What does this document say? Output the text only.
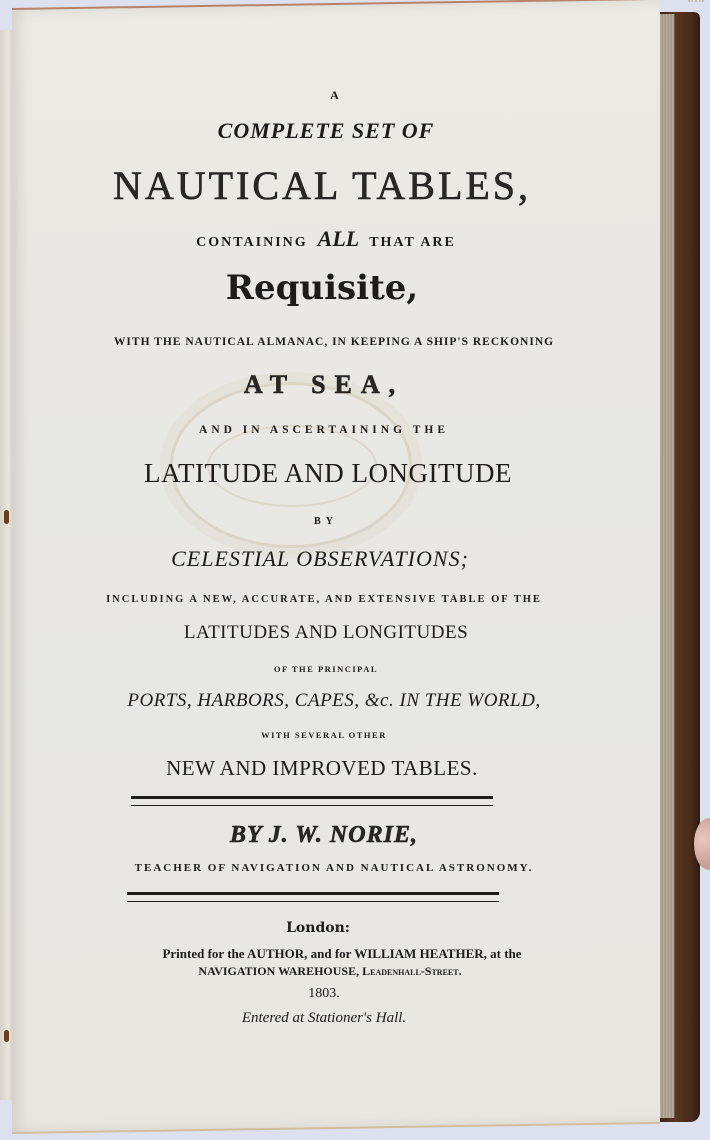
A
COMPLETE SET OF
NAUTICAL TABLES,
CONTAINING ALL THAT ARE
Requisite,
WITH THE NAUTICAL ALMANAC, IN KEEPING A SHIP'S RECKONING
AT SEA,
AND IN ASCERTAINING THE
LATITUDE AND LONGITUDE
BY
CELESTIAL OBSERVATIONS;
INCLUDING A NEW, ACCURATE, AND EXTENSIVE TABLE OF THE
LATITUDES AND LONGITUDES
OF THE PRINCIPAL
PORTS, HARBORS, CAPES, &c. IN THE WORLD,
WITH SEVERAL OTHER
NEW AND IMPROVED TABLES.
BY J. W. NORIE,
TEACHER OF NAVIGATION AND NAUTICAL ASTRONOMY.
London:
Printed for the AUTHOR, and for WILLIAM HEATHER, at the
NAVIGATION WAREHOUSE, Leadenhall-Street.
1803.
Entered at Stationer's Hall.
